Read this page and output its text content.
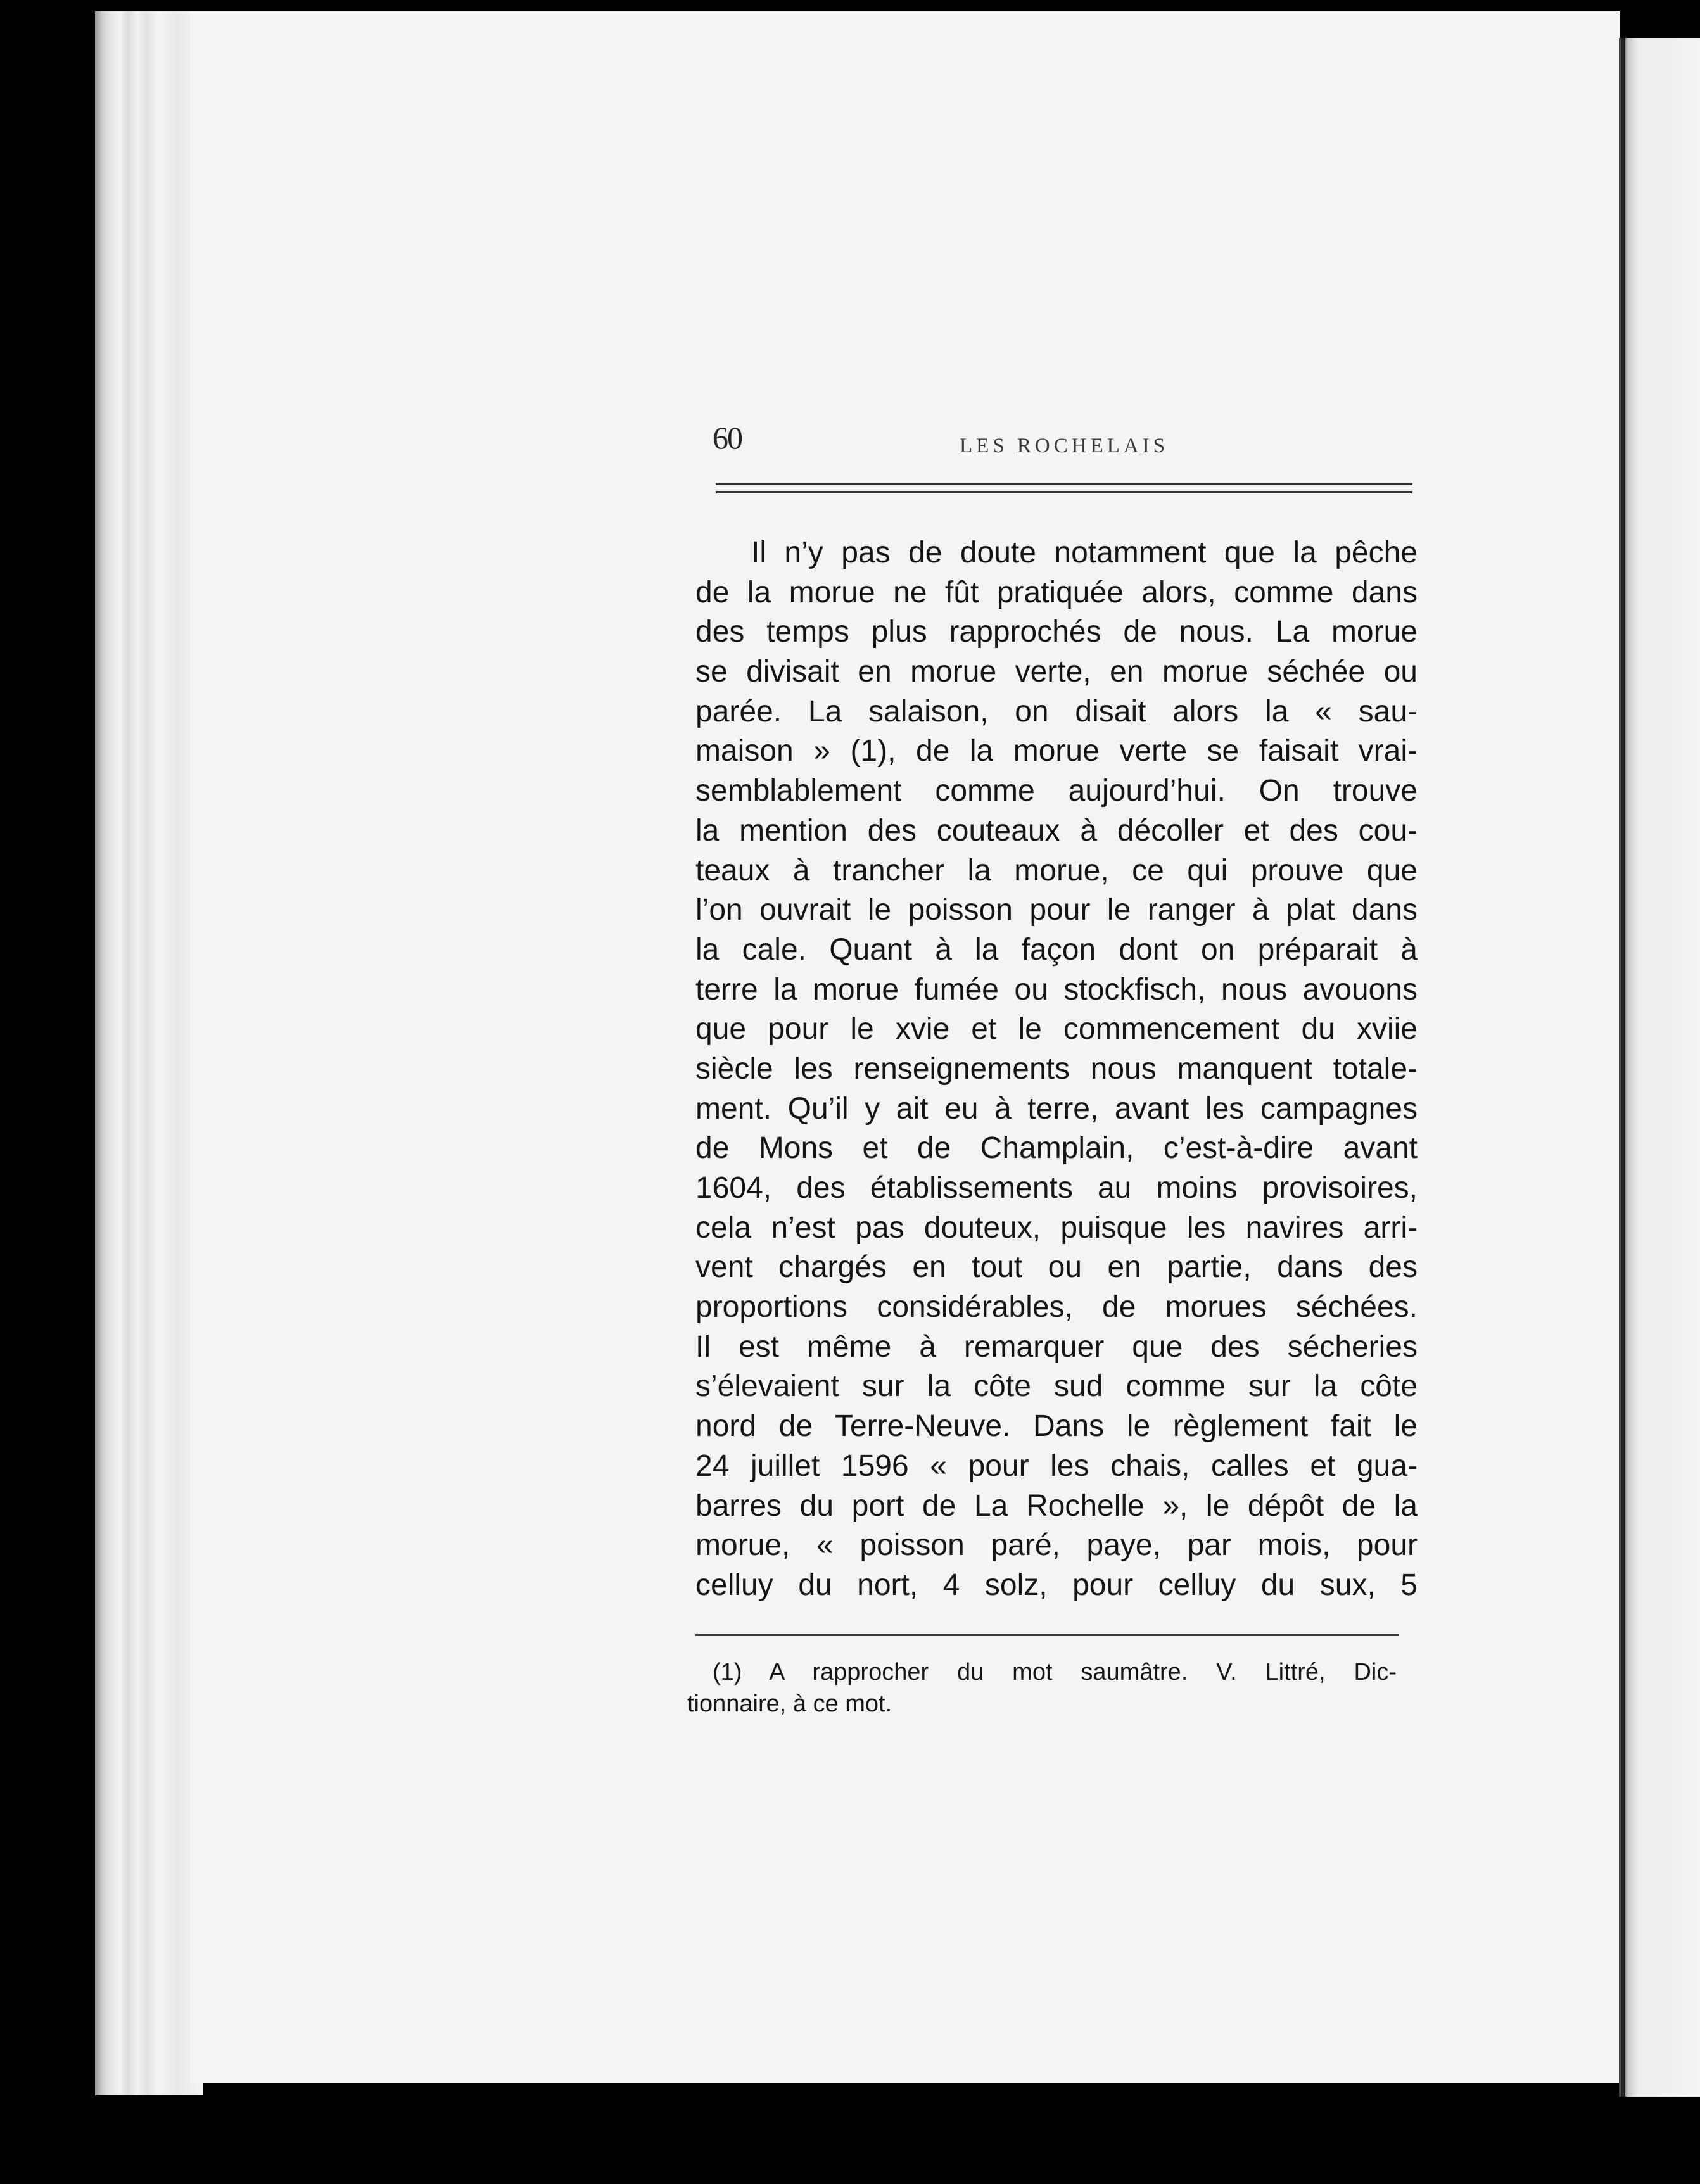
60	LES ROCHELAIS
Il n’y pas de doute notamment que la pêche
de la morue ne fût pratiquée alors, comme dans
des temps plus rapprochés de nous. La morue
se divisait en morue verte, en morue séchée ou
parée. La salaison, on disait alors la « sau-
maison » (1), de la morue verte se faisait vrai-
semblablement comme aujourd’hui. On trouve
la mention des couteaux à décoller et des cou-
teaux à trancher la morue, ce qui prouve que
l’on ouvrait le poisson pour le ranger à plat dans
la cale. Quant à la façon dont on préparait à
terre la morue fumée ou stockfisch, nous avouons
que pour le xvie et le commencement du xviie
siècle les renseignements nous manquent totale-
ment. Qu’il y ait eu à terre, avant les campagnes
de Mons et de Champlain, c’est-à-dire avant
1604, des établissements au moins provisoires,
cela n’est pas douteux, puisque les navires arri-
vent chargés en tout ou en partie, dans des
proportions considérables, de morues séchées.
Il est même à remarquer que des sécheries
s’élevaient sur la côte sud comme sur la côte
nord de Terre-Neuve. Dans le règlement fait le
24 juillet 1596 « pour les chais, calles et gua-
barres du port de La Rochelle », le dépôt de la
morue, « poisson paré, paye, par mois, pour
celluy du nort, 4 solz, pour celluy du sux, 5
(1) A rapprocher du mot saumâtre. V. Littré, Dic-
tionnaire, à ce mot.
